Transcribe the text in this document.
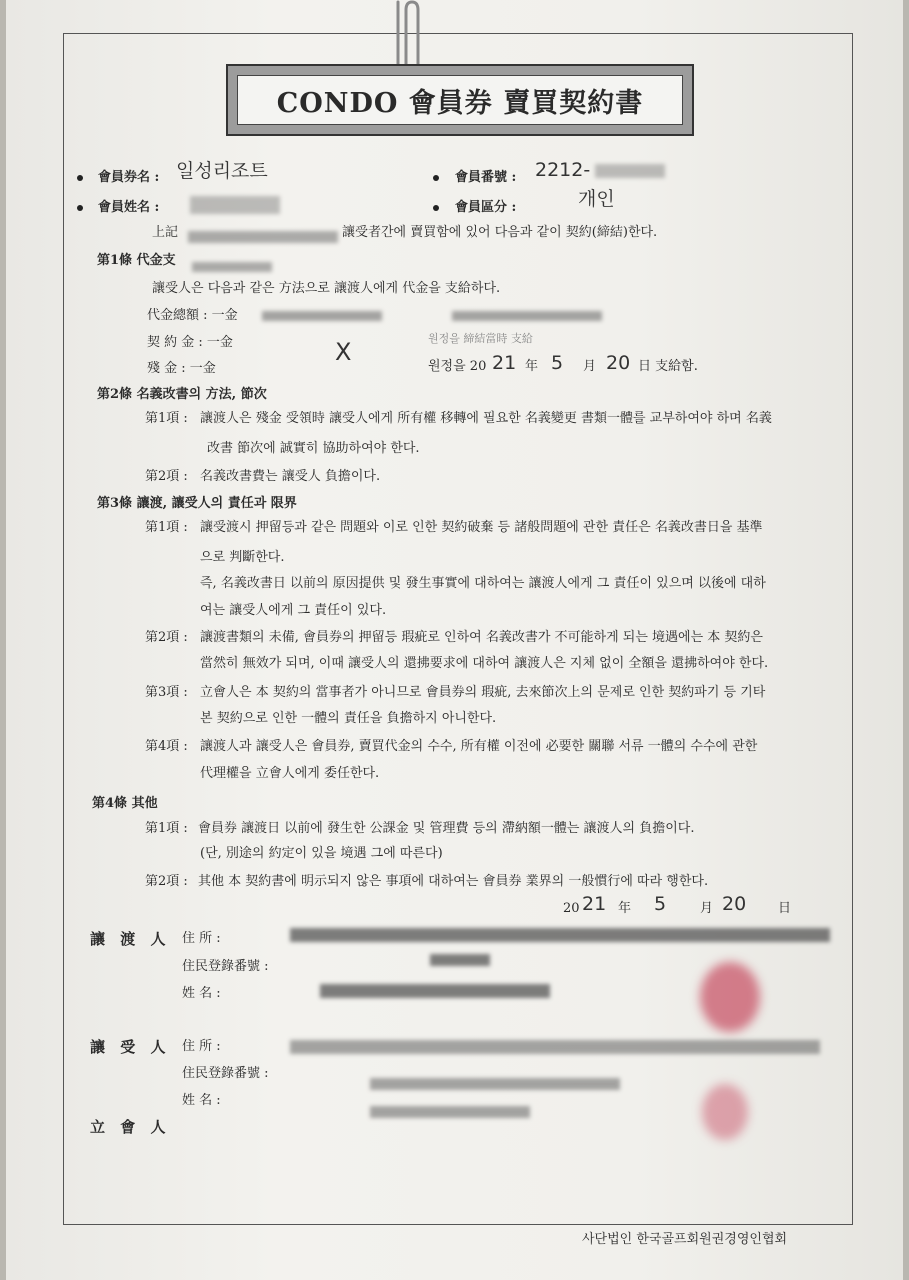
CONDO 會員券 賣買契約書
會員券名 : 일성리조트	會員番號 : 2212-
會員姓名 :	會員區分 :	개인
上記	讓受者간에 賣買함에 있어 다음과 같이 契約(締結)한다.
第1條 代金支
讓受人은 다음과 같은 方法으로 讓渡人에게 代金을 支給하다.
代金總額 : 一金
契 約 金 : 一金	X	원정을 締結當時 支給
殘 金 : 一金	원정을 20 21 年 5 月 20 日 支給함.
第2條 名義改書의 方法, 節次
第1項 : 讓渡人은 殘金 受領時 讓受人에게 所有權 移轉에 필요한 名義變更 書類一體를 교부하여야 하며 名義
改書 節次에 誠實히 協助하여야 한다.
第2項 : 名義改書費는 讓受人 負擔이다.
第3條 讓渡, 讓受人의 責任과 限界
第1項 : 讓受渡시 押留등과 같은 問題와 이로 인한 契約破棄 등 諸般問題에 관한 責任은 名義改書日을 基準
으로 判斷한다.
즉, 名義改書日 以前의 原因提供 및 發生事實에 대하여는 讓渡人에게 그 責任이 있으며 以後에 대하
여는 讓受人에게 그 責任이 있다.
第2項 : 讓渡書類의 未備, 會員券의 押留등 瑕疵로 인하여 名義改書가 不可能하게 되는 境遇에는 本 契約은
當然히 無效가 되며, 이때 讓受人의 還拂要求에 대하여 讓渡人은 지체 없이 全額을 還拂하여야 한다.
第3項 : 立會人은 本 契約의 當事者가 아니므로 會員券의 瑕疵, 去來節次上의 문제로 인한 契約파기 등 기타
본 契約으로 인한 一體의 責任을 負擔하지 아니한다.
第4項 : 讓渡人과 讓受人은 會員券, 賣買代金의 수수, 所有權 이전에 必要한 關聯 서류 一體의 수수에 관한
代理權을 立會人에게 委任한다.
第4條 其他
第1項 : 會員券 讓渡日 以前에 發生한 公課金 및 管理費 등의 滯納額一體는 讓渡人의 負擔이다.
(단, 別途의 約定이 있을 境遇 그에 따른다)
第2項 : 其他 本 契約書에 明示되지 않은 事項에 대하여는 會員券 業界의 一般慣行에 따라 행한다.
20 21 年 5	月 20 日
讓 渡 人 住 所 :
住民登錄番號 :
姓 名 :
讓 受 人 住 所 :
住民登錄番號 :
姓 名 :
立 會 人
사단법인 한국골프회원권경영인협회
